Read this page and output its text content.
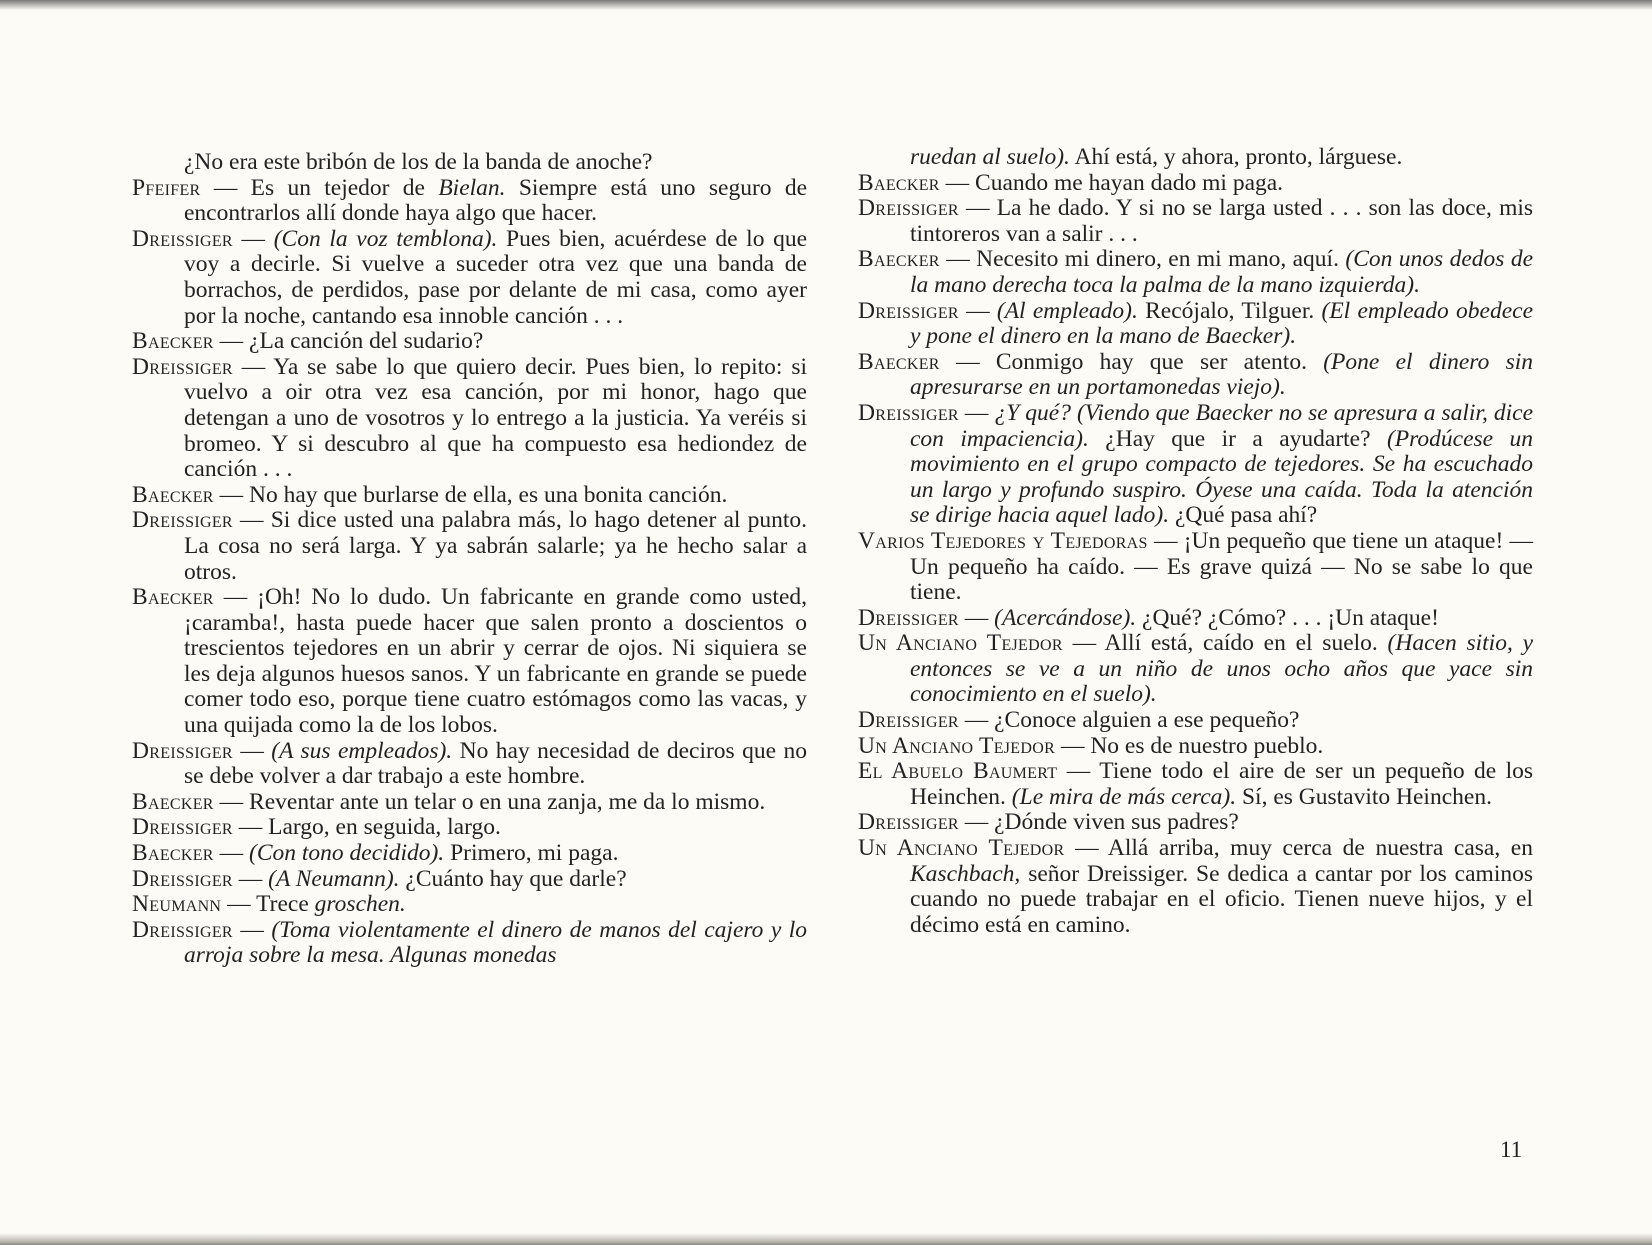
¿No era este bribón de los de la banda de anoche?

Pfeifer — Es un tejedor de Bielan. Siempre está uno seguro de encontrarlos allí donde haya algo que hacer.

Dreissiger — (Con la voz temblona). Pues bien, acuérdese de lo que voy a decirle. Si vuelve a suceder otra vez que una banda de borrachos, de perdidos, pase por delante de mi casa, como ayer por la noche, cantando esa innoble canción . . .

Baecker — ¿La canción del sudario?

Dreissiger — Ya se sabe lo que quiero decir. Pues bien, lo repito: si vuelvo a oir otra vez esa canción, por mi honor, hago que detengan a uno de vosotros y lo entrego a la justicia. Ya veréis si bromeo. Y si descubro al que ha compuesto esa hediondez de canción . . .

Baecker — No hay que burlarse de ella, es una bonita canción.

Dreissiger — Si dice usted una palabra más, lo hago detener al punto. La cosa no será larga. Y ya sabrán salarle; ya he hecho salar a otros.

Baecker — ¡Oh! No lo dudo. Un fabricante en grande como usted, ¡caramba!, hasta puede hacer que salen pronto a doscientos o trescientos tejedores en un abrir y cerrar de ojos. Ni siquiera se les deja algunos huesos sanos. Y un fabricante en grande se puede comer todo eso, porque tiene cuatro estómagos como las vacas, y una quijada como la de los lobos.

Dreissiger — (A sus empleados). No hay necesidad de deciros que no se debe volver a dar trabajo a este hombre.

Baecker — Reventar ante un telar o en una zanja, me da lo mismo.

Dreissiger — Largo, en seguida, largo.

Baecker — (Con tono decidido). Primero, mi paga.

Dreissiger — (A Neumann). ¿Cuánto hay que darle?

Neumann — Trece groschen.

Dreissiger — (Toma violentamente el dinero de manos del cajero y lo arroja sobre la mesa. Algunas monedas

ruedan al suelo). Ahí está, y ahora, pronto, lárguese.

Baecker — Cuando me hayan dado mi paga.

Dreissiger — La he dado. Y si no se larga usted . . . son las doce, mis tintoreros van a salir . . .

Baecker — Necesito mi dinero, en mi mano, aquí. (Con unos dedos de la mano derecha toca la palma de la mano izquierda).

Dreissiger — (Al empleado). Recójalo, Tilguer. (El empleado obedece y pone el dinero en la mano de Baecker).

Baecker — Conmigo hay que ser atento. (Pone el dinero sin apresurarse en un portamonedas viejo).

Dreissiger — ¿Y qué? (Viendo que Baecker no se apresura a salir, dice con impaciencia). ¿Hay que ir a ayudarte? (Prodúcese un movimiento en el grupo compacto de tejedores. Se ha escuchado un largo y profundo suspiro. Óyese una caída. Toda la atención se dirige hacia aquel lado). ¿Qué pasa ahí?

Varios Tejedores y Tejedoras — ¡Un pequeño que tiene un ataque! — Un pequeño ha caído. — Es grave quizá — No se sabe lo que tiene.

Dreissiger — (Acercándose). ¿Qué? ¿Cómo? . . . ¡Un ataque!

Un Anciano Tejedor — Allí está, caído en el suelo. (Hacen sitio, y entonces se ve a un niño de unos ocho años que yace sin conocimiento en el suelo).

Dreissiger — ¿Conoce alguien a ese pequeño?

Un Anciano Tejedor — No es de nuestro pueblo.

El Abuelo Baumert — Tiene todo el aire de ser un pequeño de los Heinchen. (Le mira de más cerca). Sí, es Gustavito Heinchen.

Dreissiger — ¿Dónde viven sus padres?

Un Anciano Tejedor — Allá arriba, muy cerca de nuestra casa, en Kaschbach, señor Dreissiger. Se dedica a cantar por los caminos cuando no puede trabajar en el oficio. Tienen nueve hijos, y el décimo está en camino.

11
